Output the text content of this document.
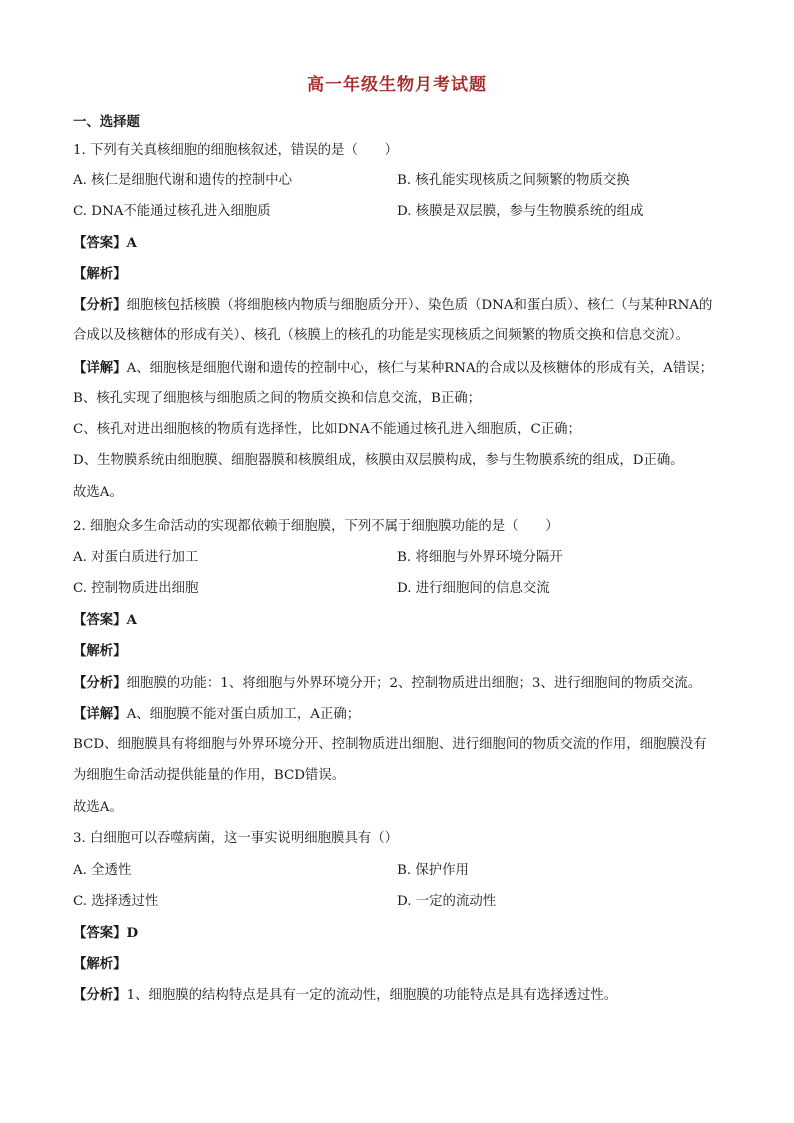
高一年级生物月考试题
一、选择题
1. 下列有关真核细胞的细胞核叙述，错误的是（　　）
A. 核仁是细胞代谢和遗传的控制中心	B. 核孔能实现核质之间频繁的物质交换
C. DNA不能通过核孔进入细胞质	D. 核膜是双层膜，参与生物膜系统的组成
【答案】A
【解析】
【分析】细胞核包括核膜（将细胞核内物质与细胞质分开）、染色质（DNA和蛋白质）、核仁（与某种RNA的
合成以及核糖体的形成有关）、核孔（核膜上的核孔的功能是实现核质之间频繁的物质交换和信息交流）。
【详解】A、细胞核是细胞代谢和遗传的控制中心，核仁与某种RNA的合成以及核糖体的形成有关，A错误；
B、核孔实现了细胞核与细胞质之间的物质交换和信息交流，B正确；
C、核孔对进出细胞核的物质有选择性，比如DNA不能通过核孔进入细胞质，C正确；
D、生物膜系统由细胞膜、细胞器膜和核膜组成，核膜由双层膜构成，参与生物膜系统的组成，D正确。
故选A。
2. 细胞众多生命活动的实现都依赖于细胞膜，下列不属于细胞膜功能的是（　　）
A. 对蛋白质进行加工	B. 将细胞与外界环境分隔开
C. 控制物质进出细胞	D. 进行细胞间的信息交流
【答案】A
【解析】
【分析】细胞膜的功能：1、将细胞与外界环境分开；2、控制物质进出细胞；3、进行细胞间的物质交流。
【详解】A、细胞膜不能对蛋白质加工，A正确；
BCD、细胞膜具有将细胞与外界环境分开、控制物质进出细胞、进行细胞间的物质交流的作用，细胞膜没有
为细胞生命活动提供能量的作用，BCD错误。
故选A。
3. 白细胞可以吞噬病菌，这一事实说明细胞膜具有（）
A. 全透性	B. 保护作用
C. 选择透过性	D. 一定的流动性
【答案】D
【解析】
【分析】1、细胞膜的结构特点是具有一定的流动性，细胞膜的功能特点是具有选择透过性。
